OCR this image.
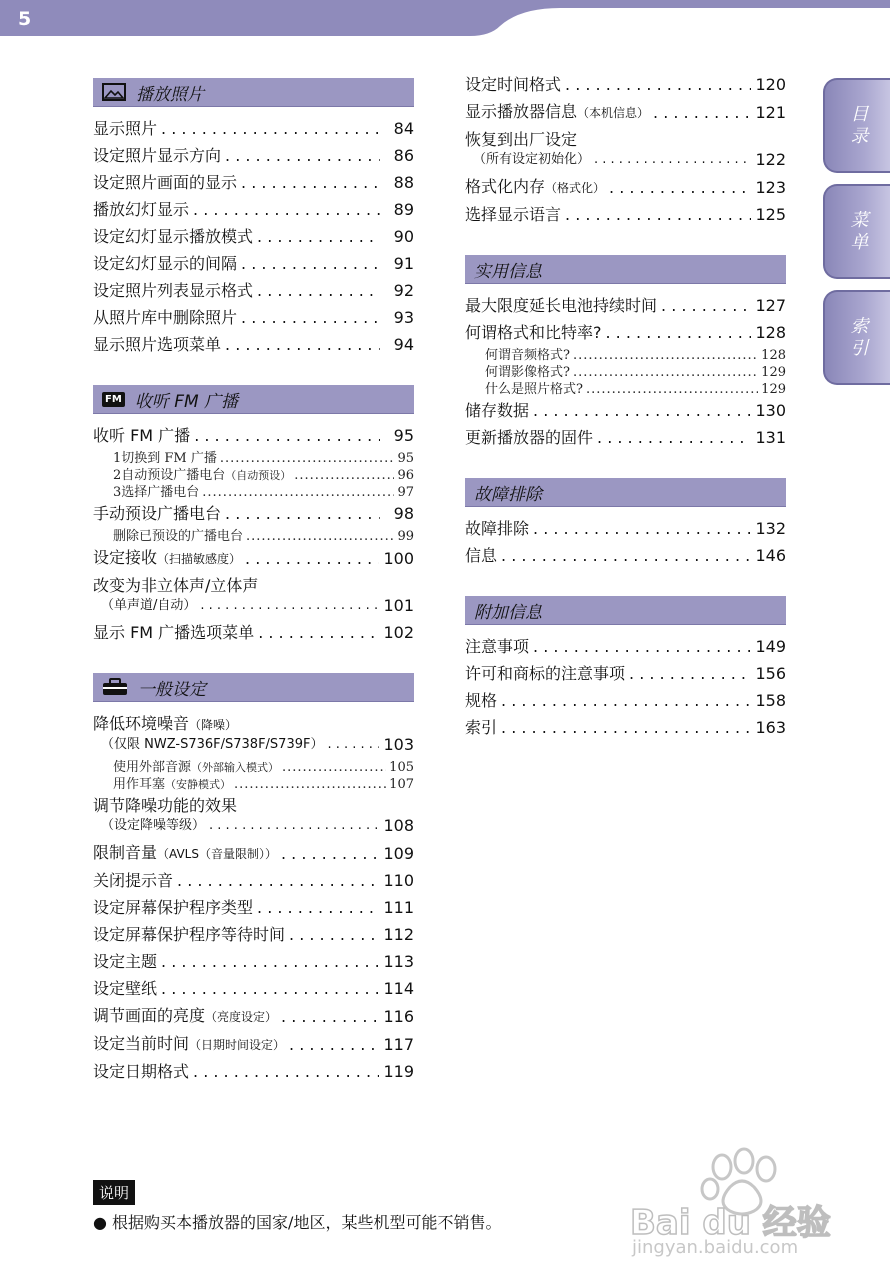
5
播放照片
显示照片 . . .	84
设定照片显示方向 . . .	86
设定照片画面的显示 . . .	88
播放幻灯显示 . . .	89
设定幻灯显示播放模式 . . .	90
设定幻灯显示的间隔 . . .	91
设定照片列表显示格式 . . .	92
从照片库中删除照片 . . .	93
显示照片选项菜单 . . .	94
FM 收听 FM 广播
收听 FM 广播 . . .	95
1切换到 FM 广播 .....	95
2自动预设广播电台（自动预设） .....	96
3选择广播电台 .....	97
手动预设广播电台 . . .	98
删除已预设的广播电台 .....	99
设定接收（扫描敏感度） . . .	100
改变为非立体声/立体声
（单声道/自动） . . .	101
显示 FM 广播选项菜单 . . .	102
一般设定
降低环境噪音（降噪）
（仅限 NWZ-S736F/S738F/S739F） . . .	103
使用外部音源（外部输入模式） .....	105
用作耳塞（安静模式） .....	107
调节降噪功能的效果
（设定降噪等级） . . .	108
限制音量（AVLS（音量限制）） . . .	109
关闭提示音 . . .	110
设定屏幕保护程序类型 . . .	111
设定屏幕保护程序等待时间 . . .	112
设定主题 . . .	113
设定壁纸 . . .	114
调节画面的亮度（亮度设定） . . .	116
设定当前时间（日期时间设定） . . .	117
设定日期格式 . . .	119
设定时间格式 . . .	120
显示播放器信息（本机信息） . . .	121
恢复到出厂设定
（所有设定初始化） . . .	122
格式化内存（格式化） . . .	123
选择显示语言 . . .	125
实用信息
最大限度延长电池持续时间 . . .	127
何谓格式和比特率? . . .	128
何谓音频格式? .....	128
何谓影像格式? .....	129
什么是照片格式? .....	129
储存数据 . . .	130
更新播放器的固件 . . .	131
故障排除
故障排除 . . .	132
信息 . . .	146
附加信息
注意事项 . . .	149
许可和商标的注意事项 . . .	156
规格 . . .	158
索引 . . .	163
目录
菜单
索引
说明
● 根据购买本播放器的国家/地区，某些机型可能不销售。	Bai du 经验
jingyan.baidu.com
